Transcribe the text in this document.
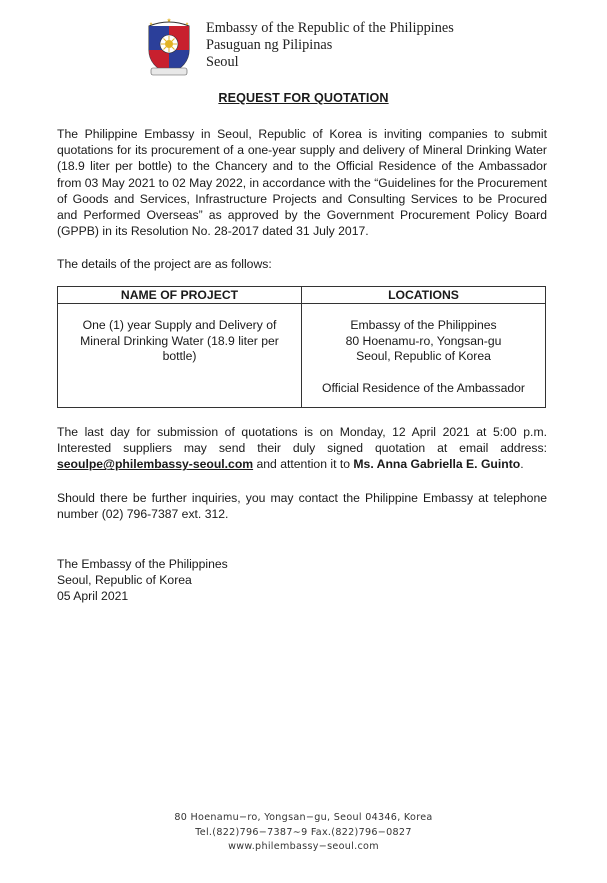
Embassy of the Republic of the Philippines
Pasuguan ng Pilipinas
Seoul
REQUEST FOR QUOTATION
The Philippine Embassy in Seoul, Republic of Korea is inviting companies to submit quotations for its procurement of a one-year supply and delivery of Mineral Drinking Water (18.9 liter per bottle) to the Chancery and to the Official Residence of the Ambassador from 03 May 2021 to 02 May 2022, in accordance with the “Guidelines for the Procurement of Goods and Services, Infrastructure Projects and Consulting Services to be Procured and Performed Overseas” as approved by the Government Procurement Policy Board (GPPB) in its Resolution No. 28-2017 dated 31 July 2017.
The details of the project are as follows:
NAME OF PROJECT	LOCATIONS
One (1) year Supply and Delivery of Mineral Drinking Water (18.9 liter per bottle)	Embassy of the Philippines
80 Hoenamu-ro, Yongsan-gu
Seoul, Republic of Korea
Official Residence of the Ambassador
The last day for submission of quotations is on Monday, 12 April 2021 at 5:00 p.m. Interested suppliers may send their duly signed quotation at email address: seoulpe@philembassy-seoul.com and attention it to Ms. Anna Gabriella E. Guinto.
Should there be further inquiries, you may contact the Philippine Embassy at telephone number (02) 796-7387 ext. 312.
The Embassy of the Philippines
Seoul, Republic of Korea
05 April 2021
80 Hoenamu−ro, Yongsan−gu, Seoul 04346, Korea
Tel.(822)796−7387∼9 Fax.(822)796−0827
www.philembassy−seoul.com
